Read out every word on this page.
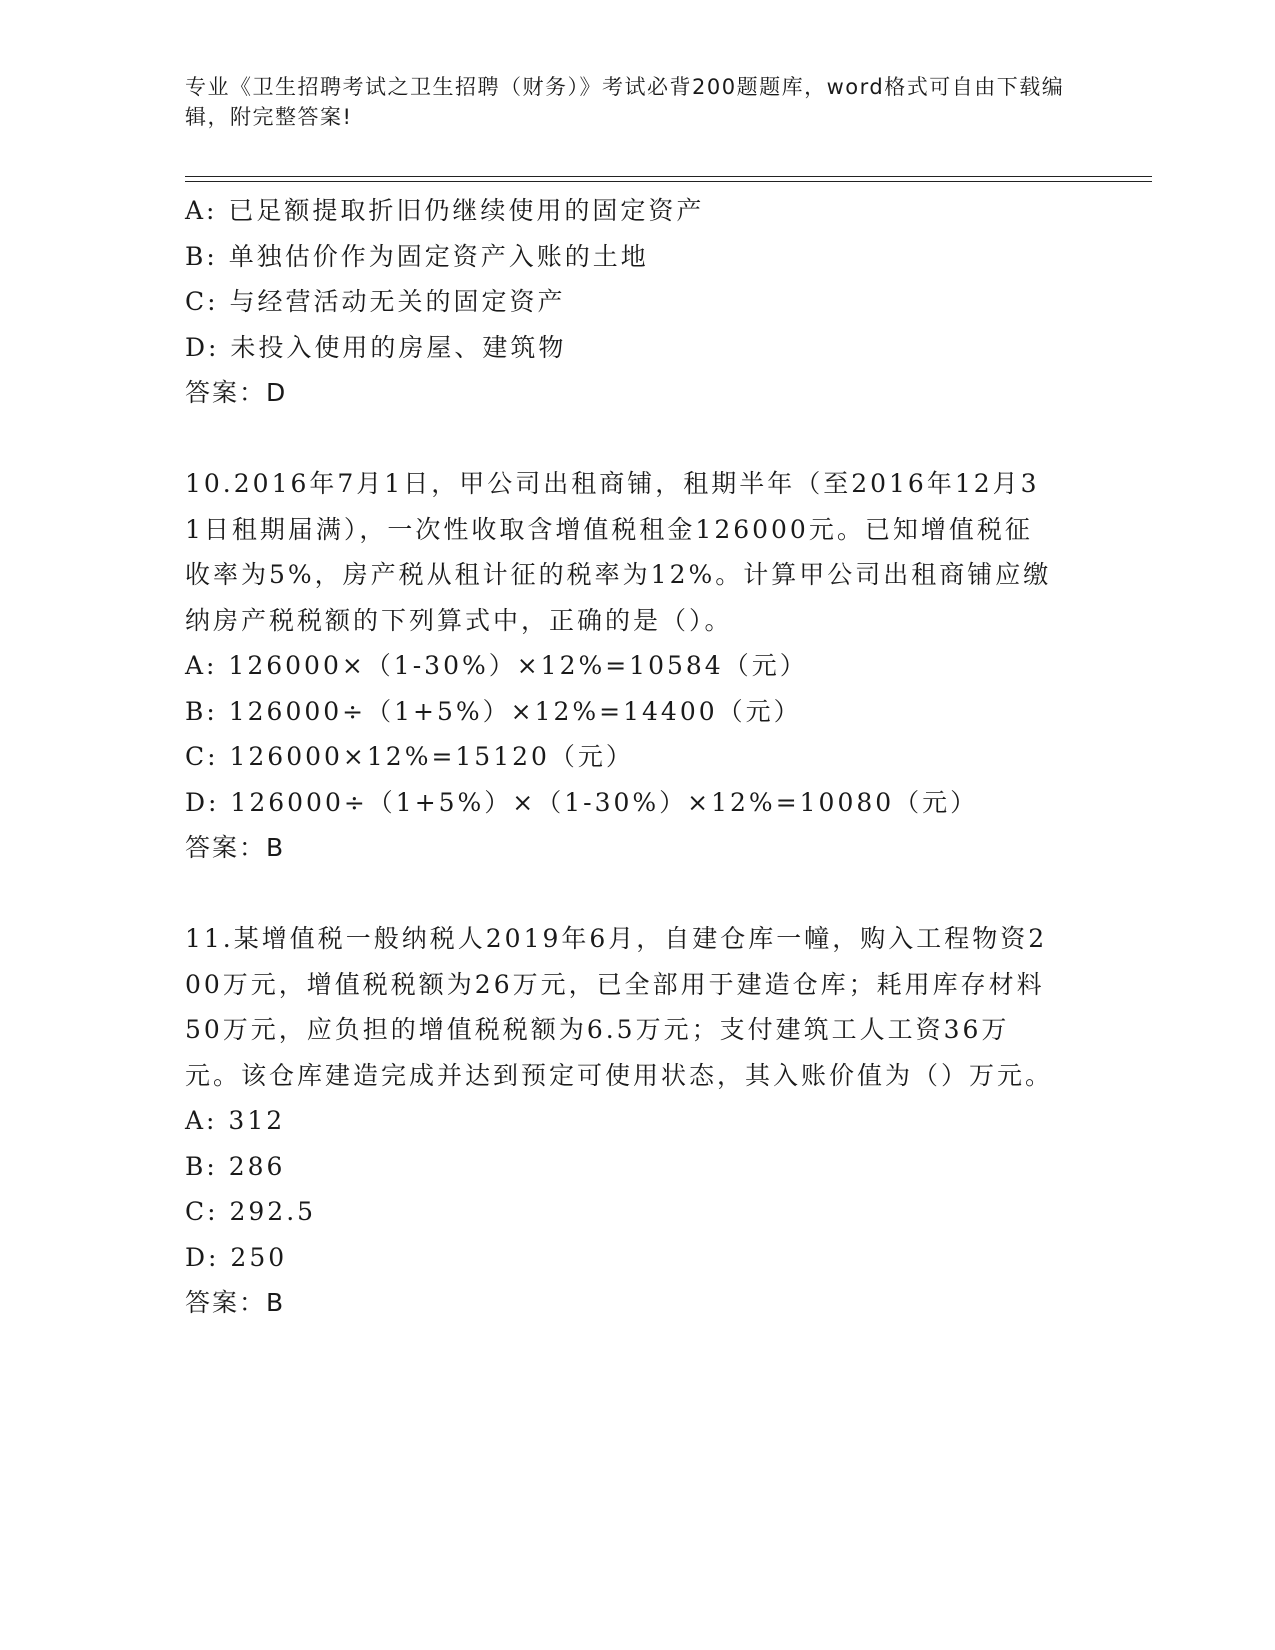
专业《卫生招聘考试之卫生招聘（财务）》考试必背200题题库，word格式可自由下载编辑，附完整答案!
A: 已足额提取折旧仍继续使用的固定资产
B: 单独估价作为固定资产入账的土地
C: 与经营活动无关的固定资产
D: 未投入使用的房屋、建筑物
答案：D
10.2016年7月1日，甲公司出租商铺，租期半年（至2016年12月31日租期届满），一次性收取含增值税租金126000元。已知增值税征收率为5%，房产税从租计征的税率为12%。计算甲公司出租商铺应缴纳房产税税额的下列算式中，正确的是（）。
A: 126000×（1-30%）×12%=10584（元）
B: 126000÷（1+5%）×12%=14400（元）
C: 126000×12%=15120（元）
D: 126000÷（1+5%）×（1-30%）×12%=10080（元）
答案：B
11.某增值税一般纳税人2019年6月，自建仓库一幢，购入工程物资200万元，增值税税额为26万元，已全部用于建造仓库；耗用库存材料50万元，应负担的增值税税额为6.5万元；支付建筑工人工资36万元。该仓库建造完成并达到预定可使用状态，其入账价值为（）万元。
A: 312
B: 286
C: 292.5
D: 250
答案：B
